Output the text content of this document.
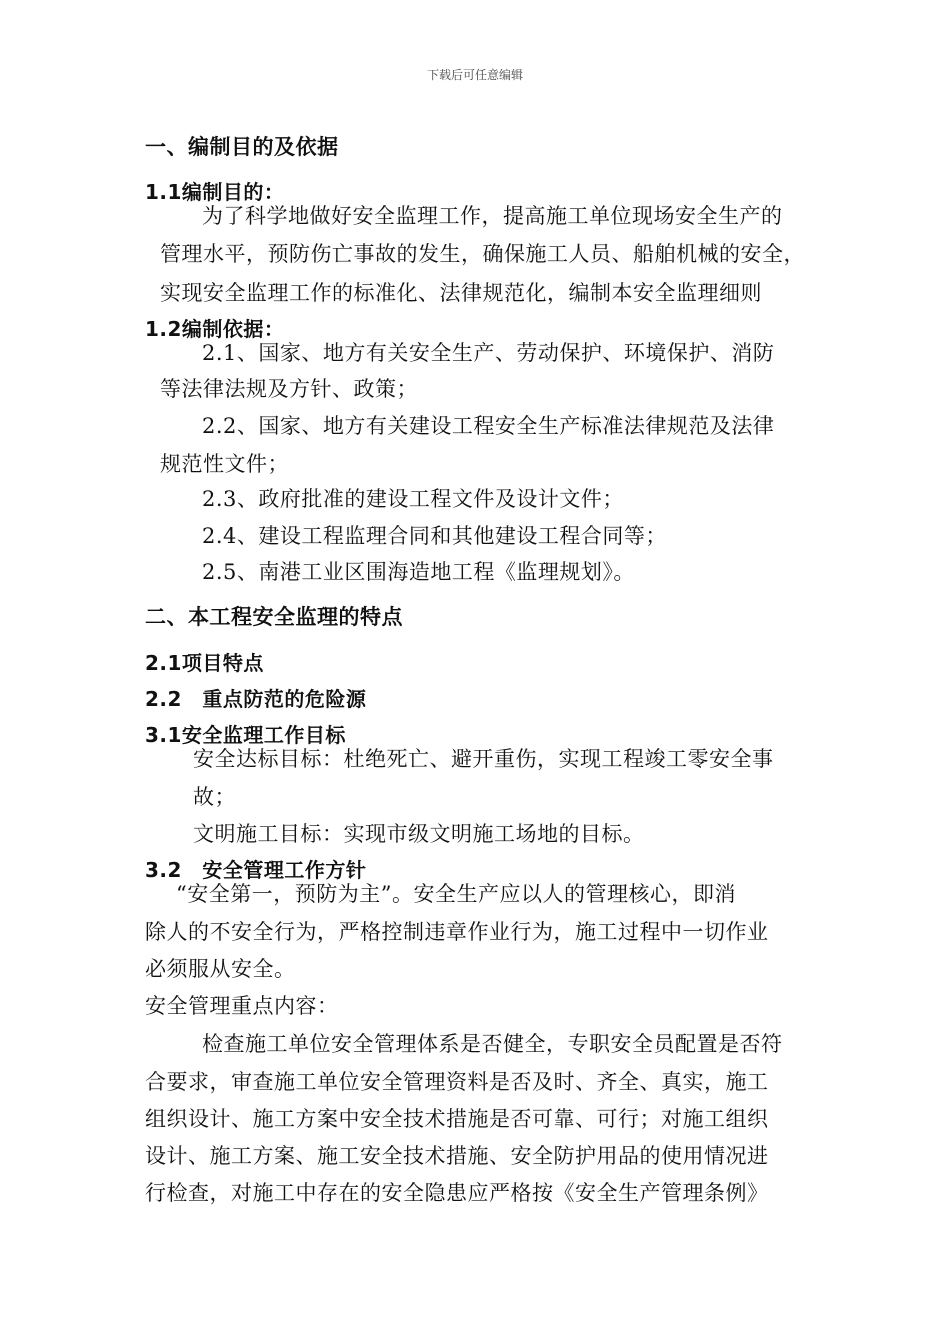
下载后可任意编辑
一、编制目的及依据
1.1编制目的：
为了科学地做好安全监理工作，提高施工单位现场安全生产的
管理水平，预防伤亡事故的发生，确保施工人员、船舶机械的安全，
实现安全监理工作的标准化、法律规范化，编制本安全监理细则
1.2编制依据：
2.1、国家、地方有关安全生产、劳动保护、环境保护、消防
等法律法规及方针、政策；
2.2、国家、地方有关建设工程安全生产标准法律规范及法律
规范性文件；
2.3、政府批准的建设工程文件及设计文件；
2.4、建设工程监理合同和其他建设工程合同等；
2.5、南港工业区围海造地工程《监理规划》。
二、本工程安全监理的特点
2.1项目特点
2.2　重点防范的危险源
3.1安全监理工作目标
安全达标目标：杜绝死亡、避开重伤，实现工程竣工零安全事
故；
文明施工目标：实现市级文明施工场地的目标。
3.2　安全管理工作方针
“安全第一，预防为主”。安全生产应以人的管理核心，即消
除人的不安全行为，严格控制违章作业行为，施工过程中一切作业
必须服从安全。
安全管理重点内容：
检查施工单位安全管理体系是否健全，专职安全员配置是否符
合要求，审查施工单位安全管理资料是否及时、齐全、真实，施工
组织设计、施工方案中安全技术措施是否可靠、可行；对施工组织
设计、施工方案、施工安全技术措施、安全防护用品的使用情况进
行检查，对施工中存在的安全隐患应严格按《安全生产管理条例》
